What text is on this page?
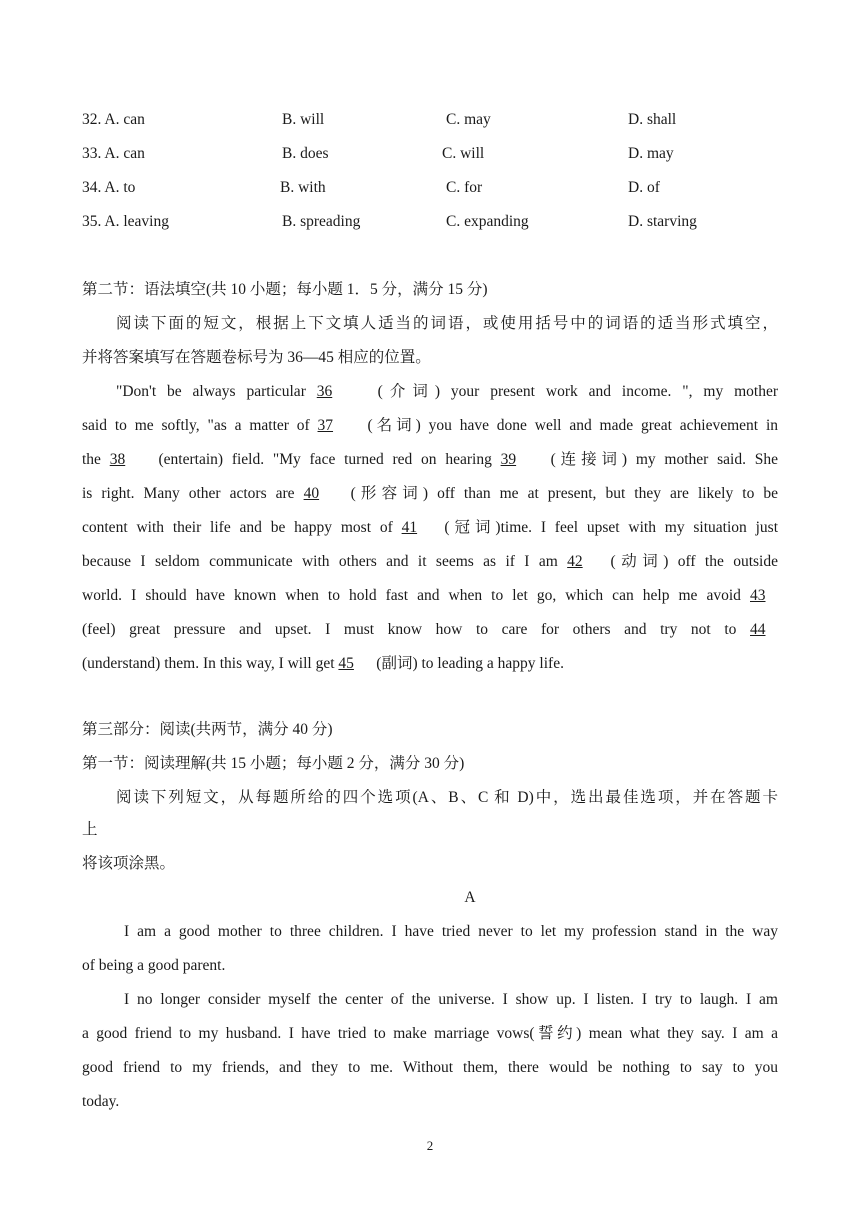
32. A. can	B. will	C. may	D. shall
33. A. can	B. does	C. will	D. may
34. A. to	B. with	C. for	D. of
35. A. leaving	B. spreading	C. expanding	D. starving
第二节：语法填空(共 10 小题；每小题 1．5 分，满分 15 分)
阅读下面的短文，根据上下文填人适当的词语，或使用括号中的词语的适当形式填空，
并将答案填写在答题卷标号为 36—45 相应的位置。
"Don't be always particular 36 (介词) your present work and income. ", my mother
said to me softly, "as a matter of 37 (名词) you have done well and made great achievement in
the 38 (entertain) field. "My face turned red on hearing 39 (连接词) my mother said. She
is right. Many other actors are 40 (形容词) off than me at present, but they are likely to be
content with their life and be happy most of 41 (冠词)time. I feel upset with my situation just
because I seldom communicate with others and it seems as if I am 42 (动词) off the outside
world. I should have known when to hold fast and when to let go, which can help me avoid 43
(feel) great pressure and upset. I must know how to care for others and try not to 44
(understand) them. In this way, I will get 45 (副词) to leading a happy life.
第三部分：阅读(共两节，满分 40 分)
第一节：阅读理解(共 15 小题；每小题 2 分，满分 30 分)
阅读下列短文，从每题所给的四个选项(A、B、C 和 D)中，选出最佳选项，并在答题卡
上
将该项涂黑。
A
I am a good mother to three children. I have tried never to let my profession stand in the way
of being a good parent.
I no longer consider myself the center of the universe. I show up. I listen. I try to laugh. I am
a good friend to my husband. I have tried to make marriage vows(誓约) mean what they say. I am a
good friend to my friends, and they to me. Without them, there would be nothing to say to you
today.
2
